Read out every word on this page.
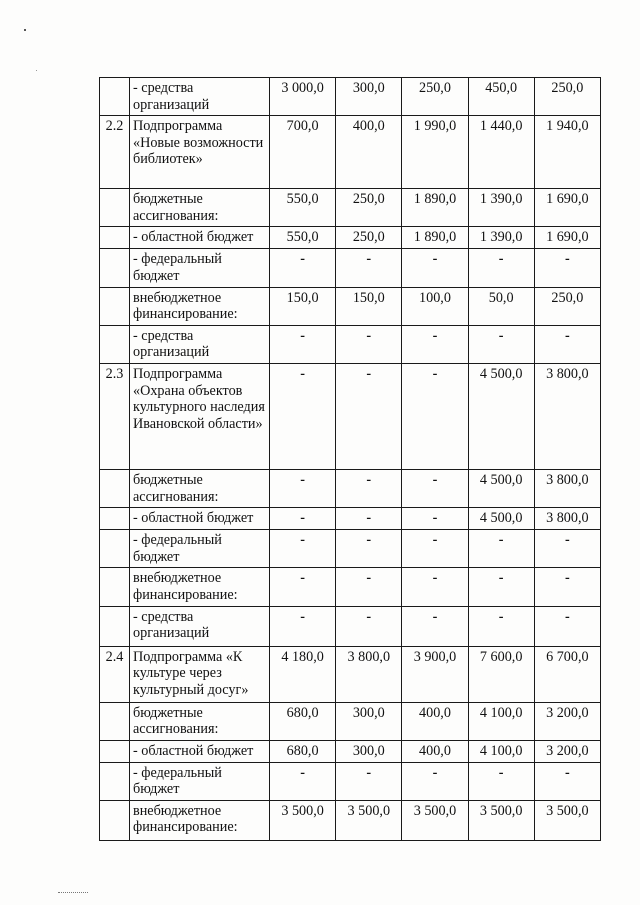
	- средства организаций	3 000,0	300,0	250,0	450,0	250,0
2.2	Подпрограмма «Новые возможности библиотек»	700,0	400,0	1 990,0	1 440,0	1 940,0
	бюджетные ассигнования:	550,0	250,0	1 890,0	1 390,0	1 690,0
	- областной бюджет	550,0	250,0	1 890,0	1 390,0	1 690,0
	- федеральный бюджет	-	-	-	-	-
	внебюджетное финансирование:	150,0	150,0	100,0	50,0	250,0
	- средства организаций	-	-	-	-	-
2.3	Подпрограмма «Охрана объектов культурного наследия Ивановской области»	-	-	-	4 500,0	3 800,0
	бюджетные ассигнования:	-	-	-	4 500,0	3 800,0
	- областной бюджет	-	-	-	4 500,0	3 800,0
	- федеральный бюджет	-	-	-	-	-
	внебюджетное финансирование:	-	-	-	-	-
	- средства организаций	-	-	-	-	-
2.4	Подпрограмма «К культуре через культурный досуг»	4 180,0	3 800,0	3 900,0	7 600,0	6 700,0
	бюджетные ассигнования:	680,0	300,0	400,0	4 100,0	3 200,0
	- областной бюджет	680,0	300,0	400,0	4 100,0	3 200,0
	- федеральный бюджет	-	-	-	-	-
	внебюджетное финансирование:	3 500,0	3 500,0	3 500,0	3 500,0	3 500,0
